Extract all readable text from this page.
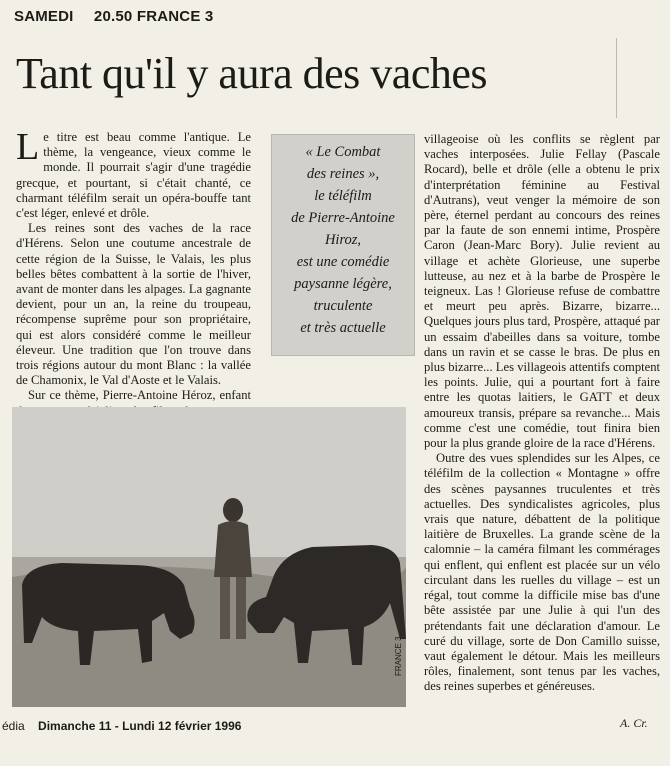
SAMEDI 20.50 FRANCE 3
Tant qu'il y aura des vaches

Le titre est beau comme l'antique. Le thème, la vengeance, vieux comme le monde. Il pourrait s'agir d'une tragédie grecque, et pourtant, si c'était chanté, ce charmant téléfilm serait un opéra-bouffe tant c'est léger, enlevé et drôle.

Les reines sont des vaches de la race d'Hérens. Selon une coutume ancestrale de cette région de la Suisse, le Valais, les plus belles bêtes combattent à la sortie de l'hiver, avant de monter dans les alpages. La gagnante devient, pour un an, la reine du troupeau, récompense suprême pour son propriétaire, qui est alors considéré comme le meilleur éleveur. Une tradition que l'on trouve dans trois régions autour du mont Blanc : la vallée de Chamonix, le Val d'Aoste et le Valais.

Sur ce thème, Pierre-Antoine Héroz, enfant

« Le Combat
des reines »,
le téléfilm
de Pierre-Antoine
Hiroz,
est une comédie
paysanne légère,
truculente
et très actuelle

villageoise où les conflits se règlent par vaches interposées. Julie Fellay (Pascale Rocard), belle et drôle (elle a obtenu le prix d'interprétation féminine au Festival d'Autrans), veut venger la mémoire de son père, éternel perdant au concours des reines par la faute de son ennemi intime, Prospère Caron (Jean-Marc Bory). Julie revient au village et achète Glorieuse, une superbe lutteuse, au nez et à la barbe de Prospère le teigneux. Las ! Glorieuse refuse de combattre et meurt peu après. Bizarre, bizarre... Quelques jours plus tard, Prospère, attaqué par un essaim d'abeilles dans sa voiture, tombe dans un ravin et se casse le bras. De plus en plus bizarre... Les villageois attentifs comptent les points. Julie, qui a pourtant fort à faire entre les quotas laitiers, le GATT et deux amoureux transis, prépare sa revanche... Mais comme c'est une comédie, tout finira bien pour la plus grande gloire de la race d'Hérens.

Outre des vues splendides sur les Alpes, ce téléfilm de la collection « Montagne » offre des scènes paysannes truculentes et très actuelles. Des syndicalistes agricoles, plus vrais que nature, débattent de la politique laitière de Bruxelles. La grande scène de la calomnie – la caméra filmant les commérages qui enflent, qui enflent est placée sur un vélo circulant dans les ruelles du village – est un régal, tout comme la difficile mise bas d'une bête assistée par une Julie à qui l'un des prétendants fait une déclaration d'amour. Le curé du village, sorte de Don Camillo suisse, vaut également le détour. Mais les meilleurs rôles, finalement, sont tenus par les vaches, des reines superbes et généreuses.

FRANCE 3
édia Dimanche 11 - Lundi 12 février 1996	A. Cr.
